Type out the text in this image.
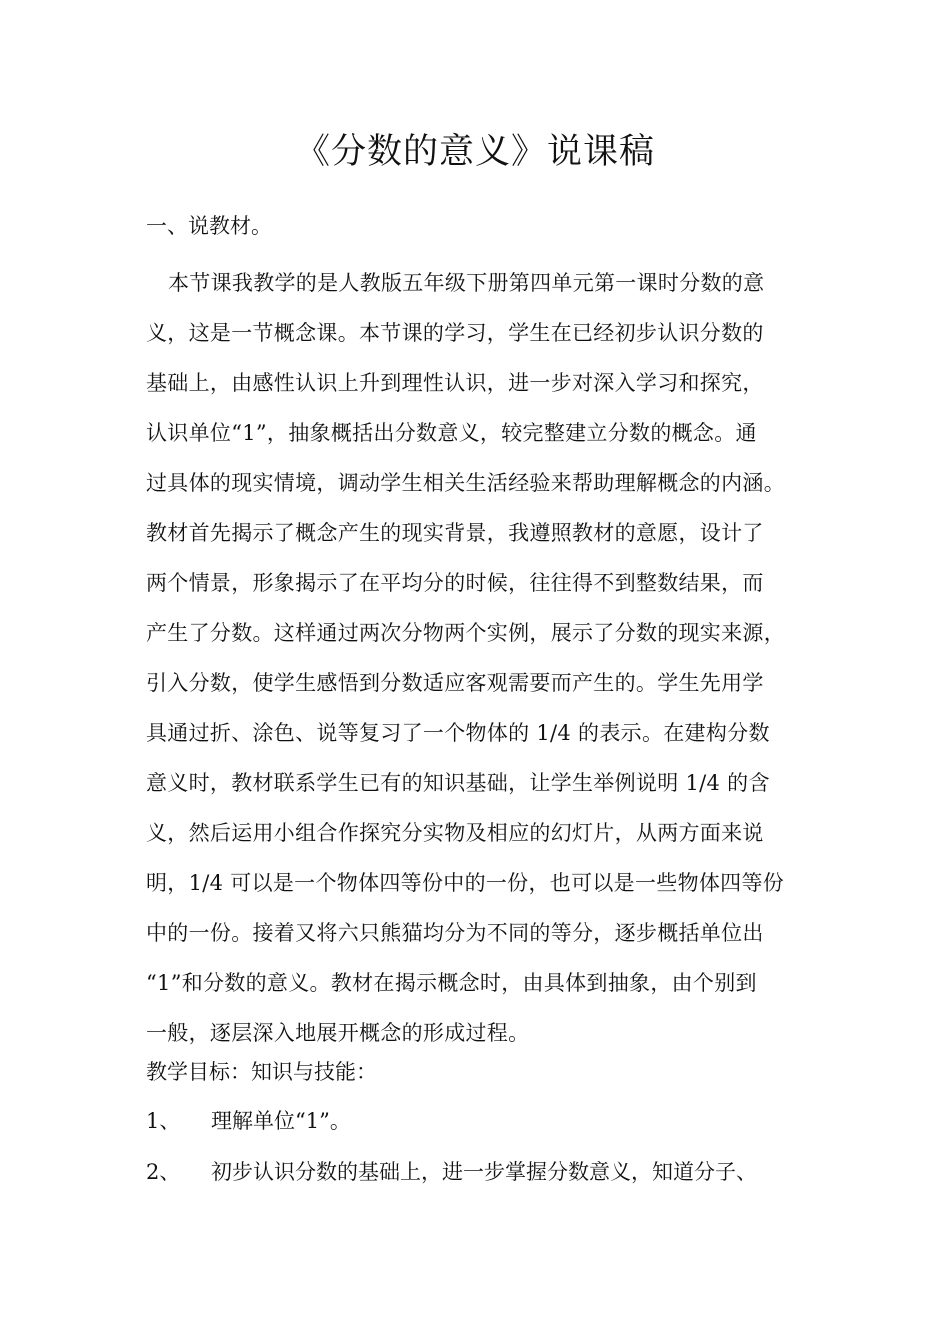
《分数的意义》说课稿
一、说教材。
本节课我教学的是人教版五年级下册第四单元第一课时分数的意
义，这是一节概念课。本节课的学习，学生在已经初步认识分数的
基础上，由感性认识上升到理性认识，进一步对深入学习和探究，
认识单位“1”，抽象概括出分数意义，较完整建立分数的概念。通
过具体的现实情境，调动学生相关生活经验来帮助理解概念的内涵。
教材首先揭示了概念产生的现实背景，我遵照教材的意愿，设计了
两个情景，形象揭示了在平均分的时候，往往得不到整数结果，而
产生了分数。这样通过两次分物两个实例，展示了分数的现实来源，
引入分数，使学生感悟到分数适应客观需要而产生的。学生先用学
具通过折、涂色、说等复习了一个物体的 1/4 的表示。在建构分数
意义时，教材联系学生已有的知识基础，让学生举例说明 1/4 的含
义，然后运用小组合作探究分实物及相应的幻灯片，从两方面来说
明，1/4 可以是一个物体四等份中的一份，也可以是一些物体四等份
中的一份。接着又将六只熊猫均分为不同的等分，逐步概括单位出
“1”和分数的意义。教材在揭示概念时，由具体到抽象，由个别到
一般，逐层深入地展开概念的形成过程。
教学目标：知识与技能：
1、 理解单位“1”。
2、 初步认识分数的基础上，进一步掌握分数意义，知道分子、
